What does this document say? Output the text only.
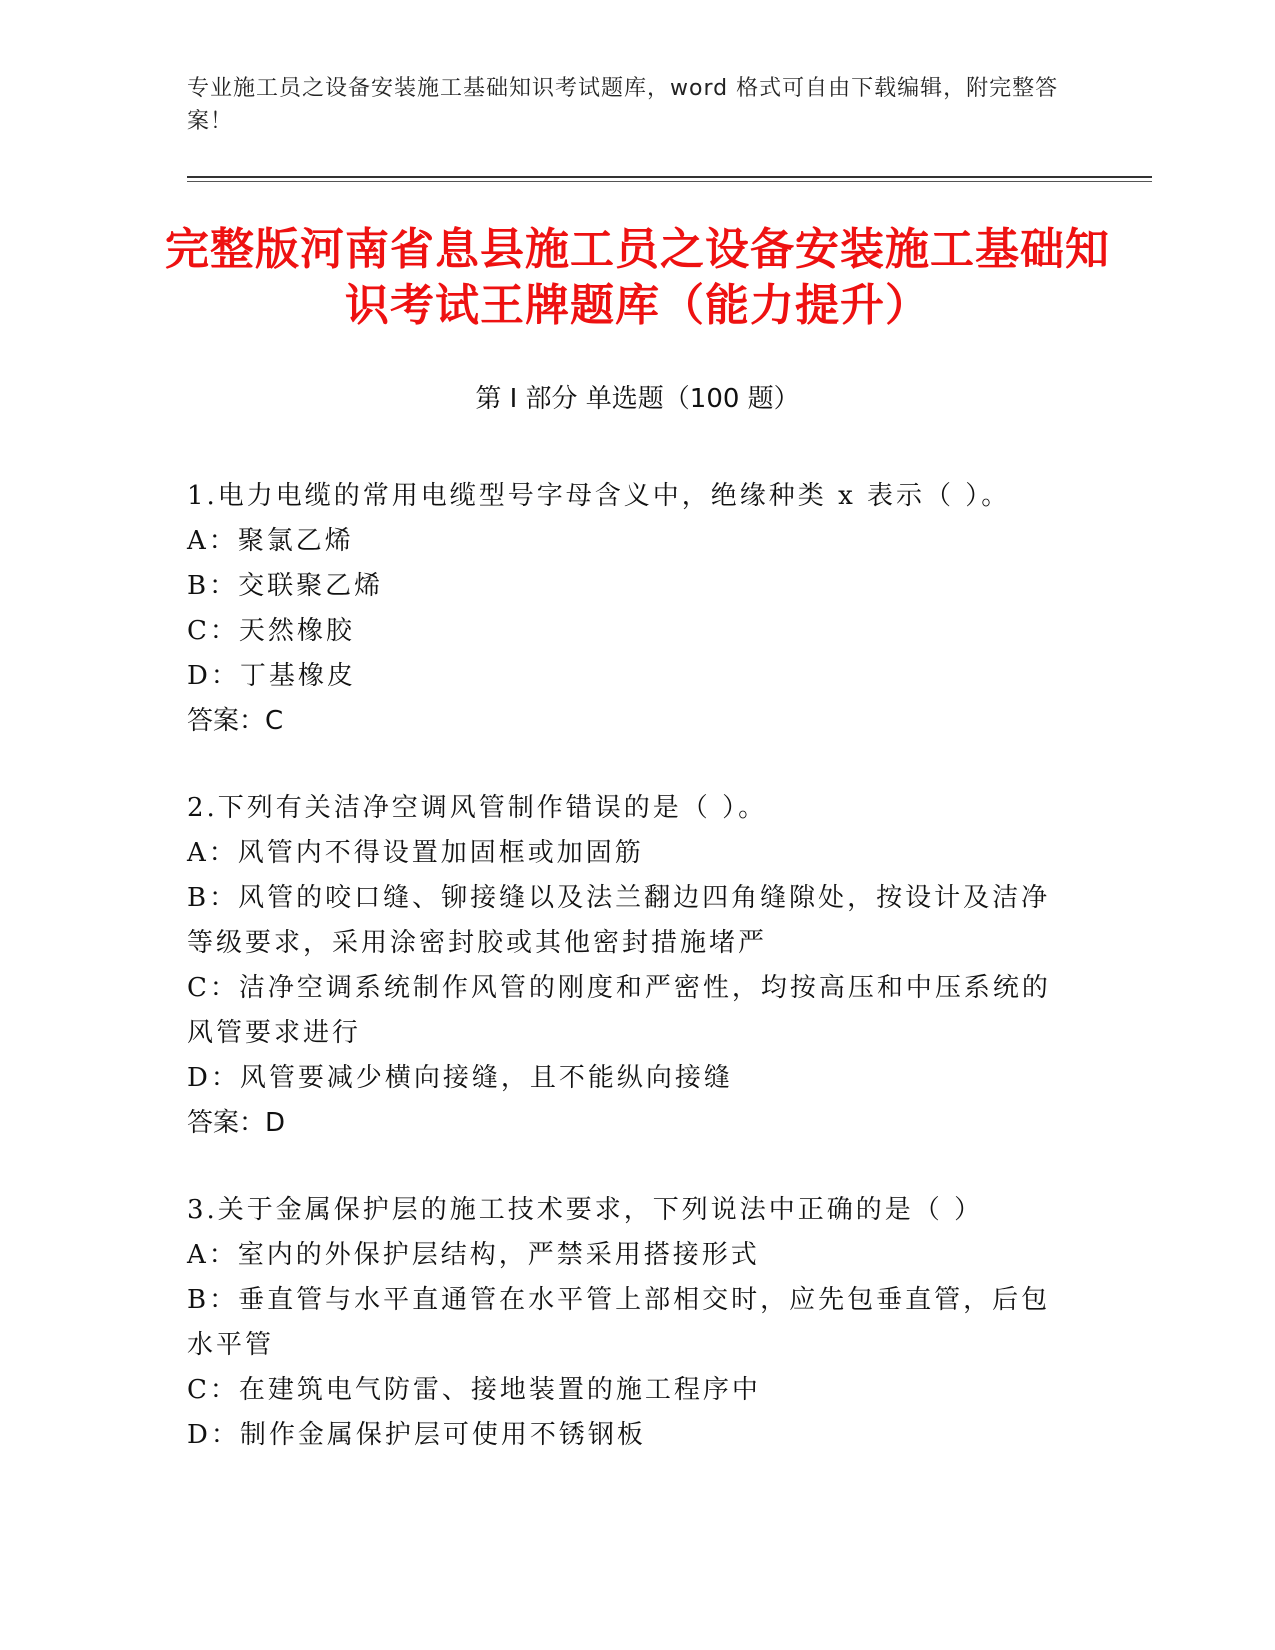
专业施工员之设备安装施工基础知识考试题库，word 格式可自由下载编辑，附完整答案！
完整版河南省息县施工员之设备安装施工基础知识考试王牌题库（能力提升）
第 I 部分 单选题（100 题）
1.电力电缆的常用电缆型号字母含义中，绝缘种类 x 表示（ ）。
A：聚氯乙烯
B：交联聚乙烯
C：天然橡胶
D：丁基橡皮
答案：C
2.下列有关洁净空调风管制作错误的是（ ）。
A：风管内不得设置加固框或加固筋
B：风管的咬口缝、铆接缝以及法兰翻边四角缝隙处，按设计及洁净等级要求，采用涂密封胶或其他密封措施堵严
C：洁净空调系统制作风管的刚度和严密性，均按高压和中压系统的风管要求进行
D：风管要减少横向接缝，且不能纵向接缝
答案：D
3.关于金属保护层的施工技术要求，下列说法中正确的是（ ）
A：室内的外保护层结构，严禁采用搭接形式
B：垂直管与水平直通管在水平管上部相交时，应先包垂直管，后包水平管
C：在建筑电气防雷、接地装置的施工程序中
D：制作金属保护层可使用不锈钢板
